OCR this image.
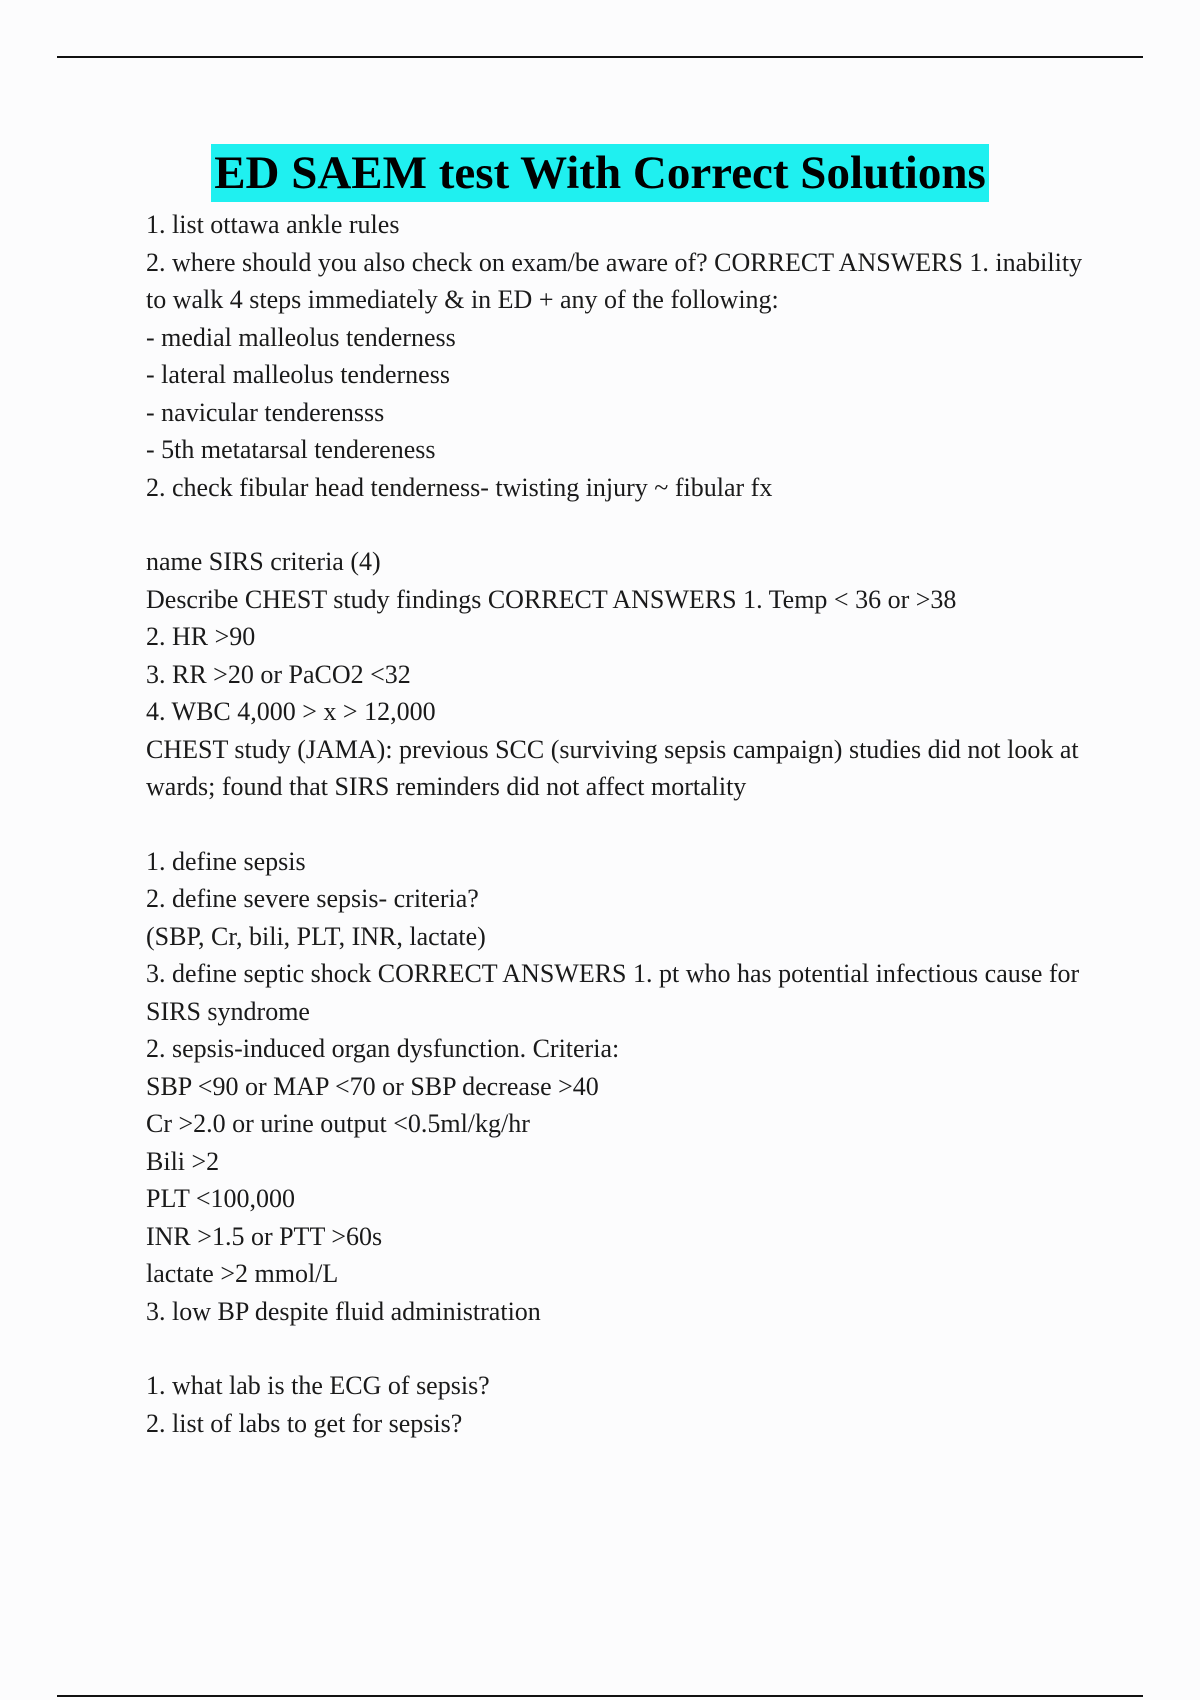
ED SAEM test With Correct Solutions

1. list ottawa ankle rules

2. where should you also check on exam/be aware of? CORRECT ANSWERS 1. inability to walk 4 steps immediately & in ED + any of the following:

- medial malleolus tenderness

- lateral malleolus tenderness

- navicular tenderensss

- 5th metatarsal tendereness

2. check fibular head tenderness- twisting injury ~ fibular fx

name SIRS criteria (4)

Describe CHEST study findings CORRECT ANSWERS 1. Temp < 36 or >38

2. HR >90

3. RR >20 or PaCO2 <32

4. WBC 4,000 > x > 12,000

CHEST study (JAMA): previous SCC (surviving sepsis campaign) studies did not look at wards; found that SIRS reminders did not affect mortality

1. define sepsis

2. define severe sepsis- criteria?

(SBP, Cr, bili, PLT, INR, lactate)

3. define septic shock CORRECT ANSWERS 1. pt who has potential infectious cause for SIRS syndrome

2. sepsis-induced organ dysfunction. Criteria:

SBP <90 or MAP <70 or SBP decrease >40

Cr >2.0 or urine output <0.5ml/kg/hr

Bili >2

PLT <100,000

INR >1.5 or PTT >60s

lactate >2 mmol/L

3. low BP despite fluid administration

1. what lab is the ECG of sepsis?

2. list of labs to get for sepsis?
